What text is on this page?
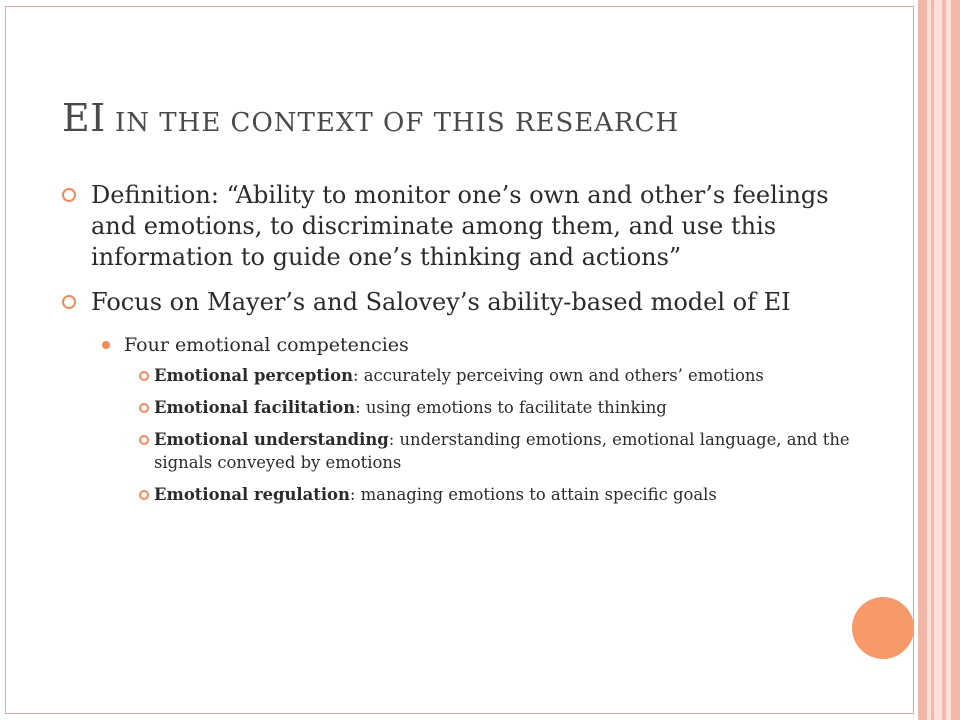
EI IN THE CONTEXT OF THIS RESEARCH
Definition: “Ability to monitor one’s own and other’s feelings and emotions, to discriminate among them, and use this information to guide one’s thinking and actions”
Focus on Mayer’s and Salovey’s ability-based model of EI
Four emotional competencies
Emotional perception: accurately perceiving own and others’ emotions
Emotional facilitation: using emotions to facilitate thinking
Emotional understanding: understanding emotions, emotional language, and the signals conveyed by emotions
Emotional regulation: managing emotions to attain specific goals
